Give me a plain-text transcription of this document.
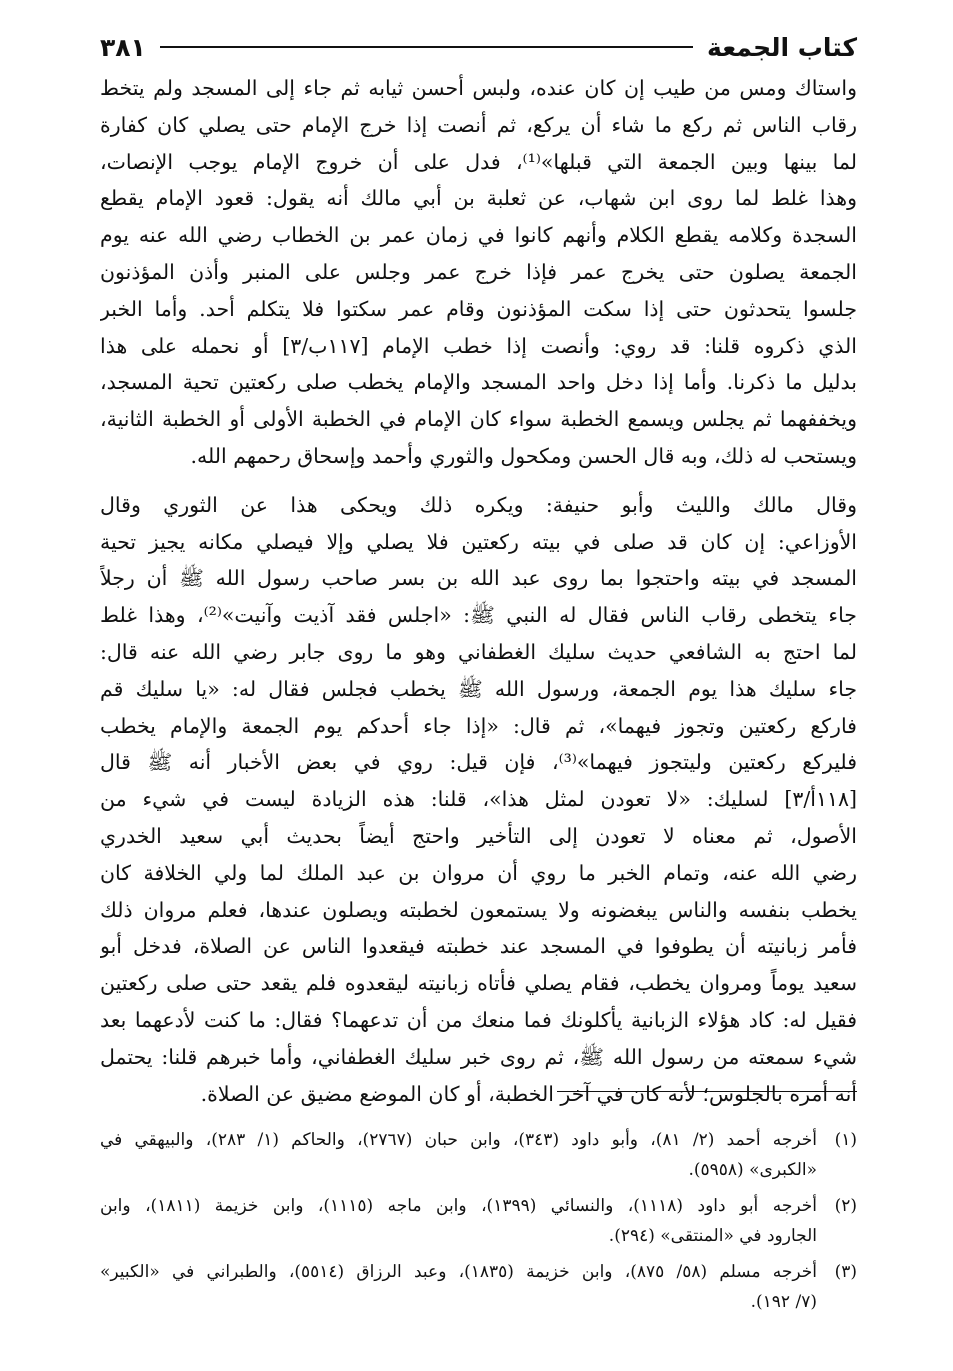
كتاب الجمعة
٣٨١
واستاك ومس من طيب إن كان عنده، ولبس أحسن ثيابه ثم جاء إلى المسجد ولم يتخط
رقاب الناس ثم ركع ما شاء أن يركع، ثم أنصت إذا خرج الإمام حتى يصلي كان كفارة
لما بينها وبين الجمعة التي قبلها»⁽¹⁾، فدل على أن خروج الإمام يوجب الإنصات،
وهذا غلط لما روى ابن شهاب، عن ثعلبة بن أبي مالك أنه يقول: قعود الإمام يقطع
السجدة وكلامه يقطع الكلام وأنهم كانوا في زمان عمر بن الخطاب رضي الله عنه يوم
الجمعة يصلون حتى يخرج عمر فإذا خرج عمر وجلس على المنبر وأذن المؤذنون
جلسوا يتحدثون حتى إذا سكت المؤذنون وقام عمر سكتوا فلا يتكلم أحد. وأما الخبر
الذي ذكروه قلنا: قد روي: وأنصت إذا خطب الإمام [١١٧ب/٣] أو نحمله على هذا
بدليل ما ذكرنا. وأما إذا دخل واحد المسجد والإمام يخطب صلى ركعتين تحية المسجد،
ويخففهما ثم يجلس ويسمع الخطبة سواء كان الإمام في الخطبة الأولى أو الخطبة الثانية،
ويستحب له ذلك، وبه قال الحسن ومكحول والثوري وأحمد وإسحاق رحمهم الله.
وقال مالك والليث وأبو حنيفة: ويكره ذلك ويحكى هذا عن الثوري وقال
الأوزاعي: إن كان قد صلى في بيته ركعتين فلا يصلي وإلا فيصلي مكانه يجيز تحية
المسجد في بيته واحتجوا بما روى عبد الله بن بسر صاحب رسول الله ﷺ أن رجلاً
جاء يتخطى رقاب الناس فقال له النبي ﷺ: «اجلس فقد آذيت وآنيت»⁽²⁾، وهذا غلط
لما احتج به الشافعي حديث سليك الغطفاني وهو ما روى جابر رضي الله عنه قال:
جاء سليك هذا يوم الجمعة، ورسول الله ﷺ يخطب فجلس فقال له: «يا سليك قم
فاركع ركعتين وتجوز فيهما»، ثم قال: «إذا جاء أحدكم يوم الجمعة والإمام يخطب
فليركع ركعتين وليتجوز فيهما»⁽³⁾، فإن قيل: روي في بعض الأخبار أنه ﷺ قال
[١١٨أ/٣] لسليك: «لا تعودن لمثل هذا»، قلنا: هذه الزيادة ليست في شيء من
الأصول، ثم معناه لا تعودن إلى التأخير واحتج أيضاً بحديث أبي سعيد الخدري
رضي الله عنه، وتمام الخبر ما روي أن مروان بن عبد الملك لما ولي الخلافة كان
يخطب بنفسه والناس يبغضونه ولا يستمعون لخطبته ويصلون عندها، فعلم مروان ذلك
فأمر زبانيته أن يطوفوا في المسجد عند خطبته فيقعدوا الناس عن الصلاة، فدخل أبو
سعيد يوماً ومروان يخطب، فقام يصلي فأتاه زبانيته ليقعدوه فلم يقعد حتى صلى ركعتين
فقيل له: كاد هؤلاء الزبانية يأكلونك فما منعك من أن تدعهما؟ فقال: ما كنت لأدعهما بعد
شيء سمعته من رسول الله ﷺ، ثم روى خبر سليك الغطفاني، وأما خبرهم قلنا: يحتمل
أنه أمره بالجلوس؛ لأنه كان في آخر الخطبة، أو كان الموضع مضيق عن الصلاة.
(١)
أخرجه أحمد (٢/ ٨١)، وأبو داود (٣٤٣)، وابن حبان (٢٧٦٧)، والحاكم (١/ ٢٨٣)، والبيهقي في
«الكبرى» (٥٩٥٨).
(٢)
أخرجه أبو داود (١١١٨)، والنسائي (١٣٩٩)، وابن ماجه (١١١٥)، وابن خزيمة (١٨١١)، وابن
الجارود في «المنتقى» (٢٩٤).
(٣)
أخرجه مسلم (٥٨/ ٨٧٥)، وابن خزيمة (١٨٣٥)، وعبد الرزاق (٥٥١٤)، والطبراني في «الكبير»
(٧/ ١٩٢).
